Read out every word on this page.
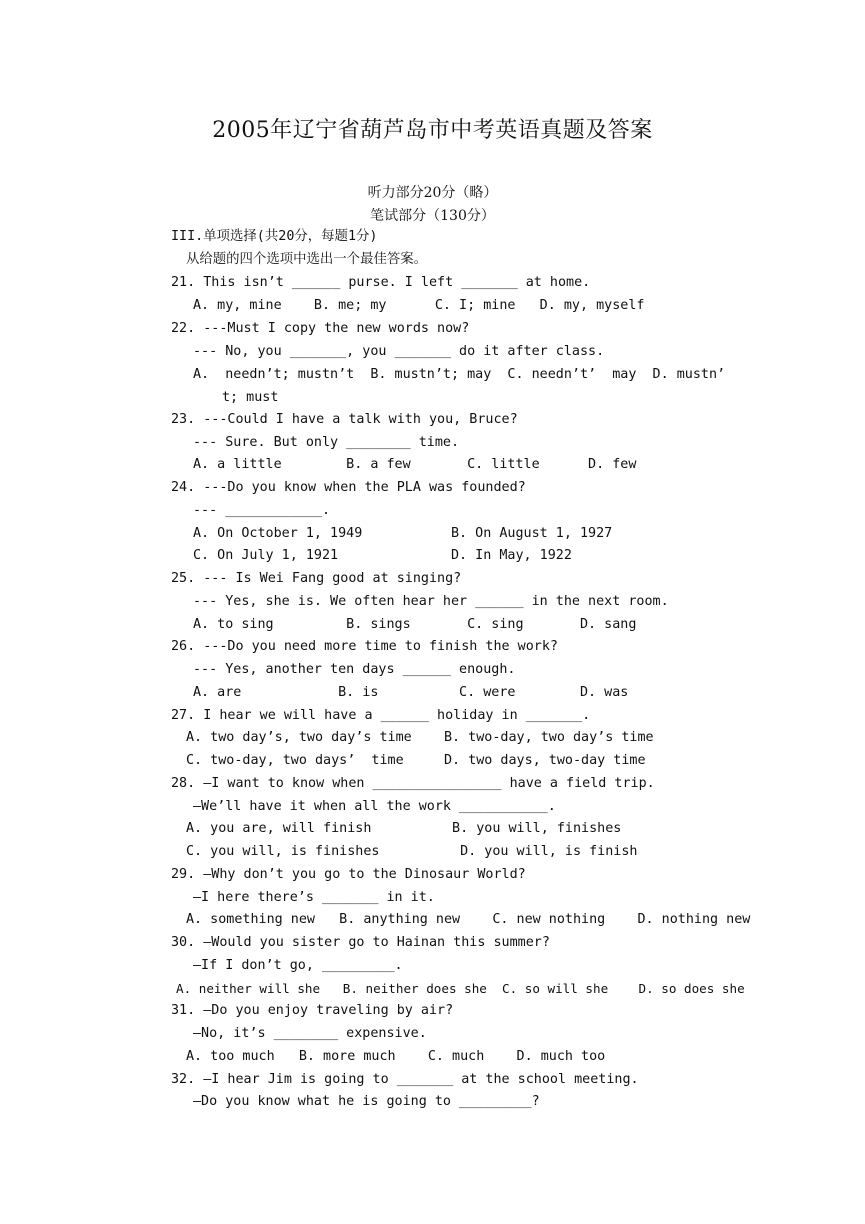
2005年辽宁省葫芦岛市中考英语真题及答案
听力部分20分（略）
笔试部分（130分）
III.单项选择(共20分，每题1分)
从给题的四个选项中选出一个最佳答案。
21. This isn’t ______ purse. I left _______ at home.
A. my, mine    B. me; my      C. I; mine   D. my, myself
22. ---Must I copy the new words now?
--- No, you _______, you _______ do it after class.
A.  needn’t; mustn’t  B. mustn’t; may  C. needn’t’  may  D. mustn’
t; must
23. ---Could I have a talk with you, Bruce?
--- Sure. But only ________ time.
A. a little        B. a few       C. little      D. few
24. ---Do you know when the PLA was founded?
--- ____________.
A. On October 1, 1949           B. On August 1, 1927
C. On July 1, 1921              D. In May, 1922
25. --- Is Wei Fang good at singing?
--- Yes, she is. We often hear her ______ in the next room.
A. to sing         B. sings       C. sing       D. sang
26. ---Do you need more time to finish the work?
--- Yes, another ten days ______ enough.
A. are            B. is          C. were        D. was
27. I hear we will have a ______ holiday in _______.
A. two day’s, two day’s time    B. two-day, two day’s time
C. two-day, two days’  time     D. two days, two-day time
28. —I want to know when ________________ have a field trip.
—We’ll have it when all the work ___________.
A. you are, will finish          B. you will, finishes
C. you will, is finishes          D. you will, is finish
29. —Why don’t you go to the Dinosaur World?
—I here there’s _______ in it.
A. something new   B. anything new    C. new nothing    D. nothing new
30. —Would you sister go to Hainan this summer?
—If I don’t go, _________.
A. neither will she   B. neither does she  C. so will she    D. so does she
31. —Do you enjoy traveling by air?
—No, it’s ________ expensive.
A. too much   B. more much    C. much    D. much too
32. —I hear Jim is going to _______ at the school meeting.
—Do you know what he is going to _________?
